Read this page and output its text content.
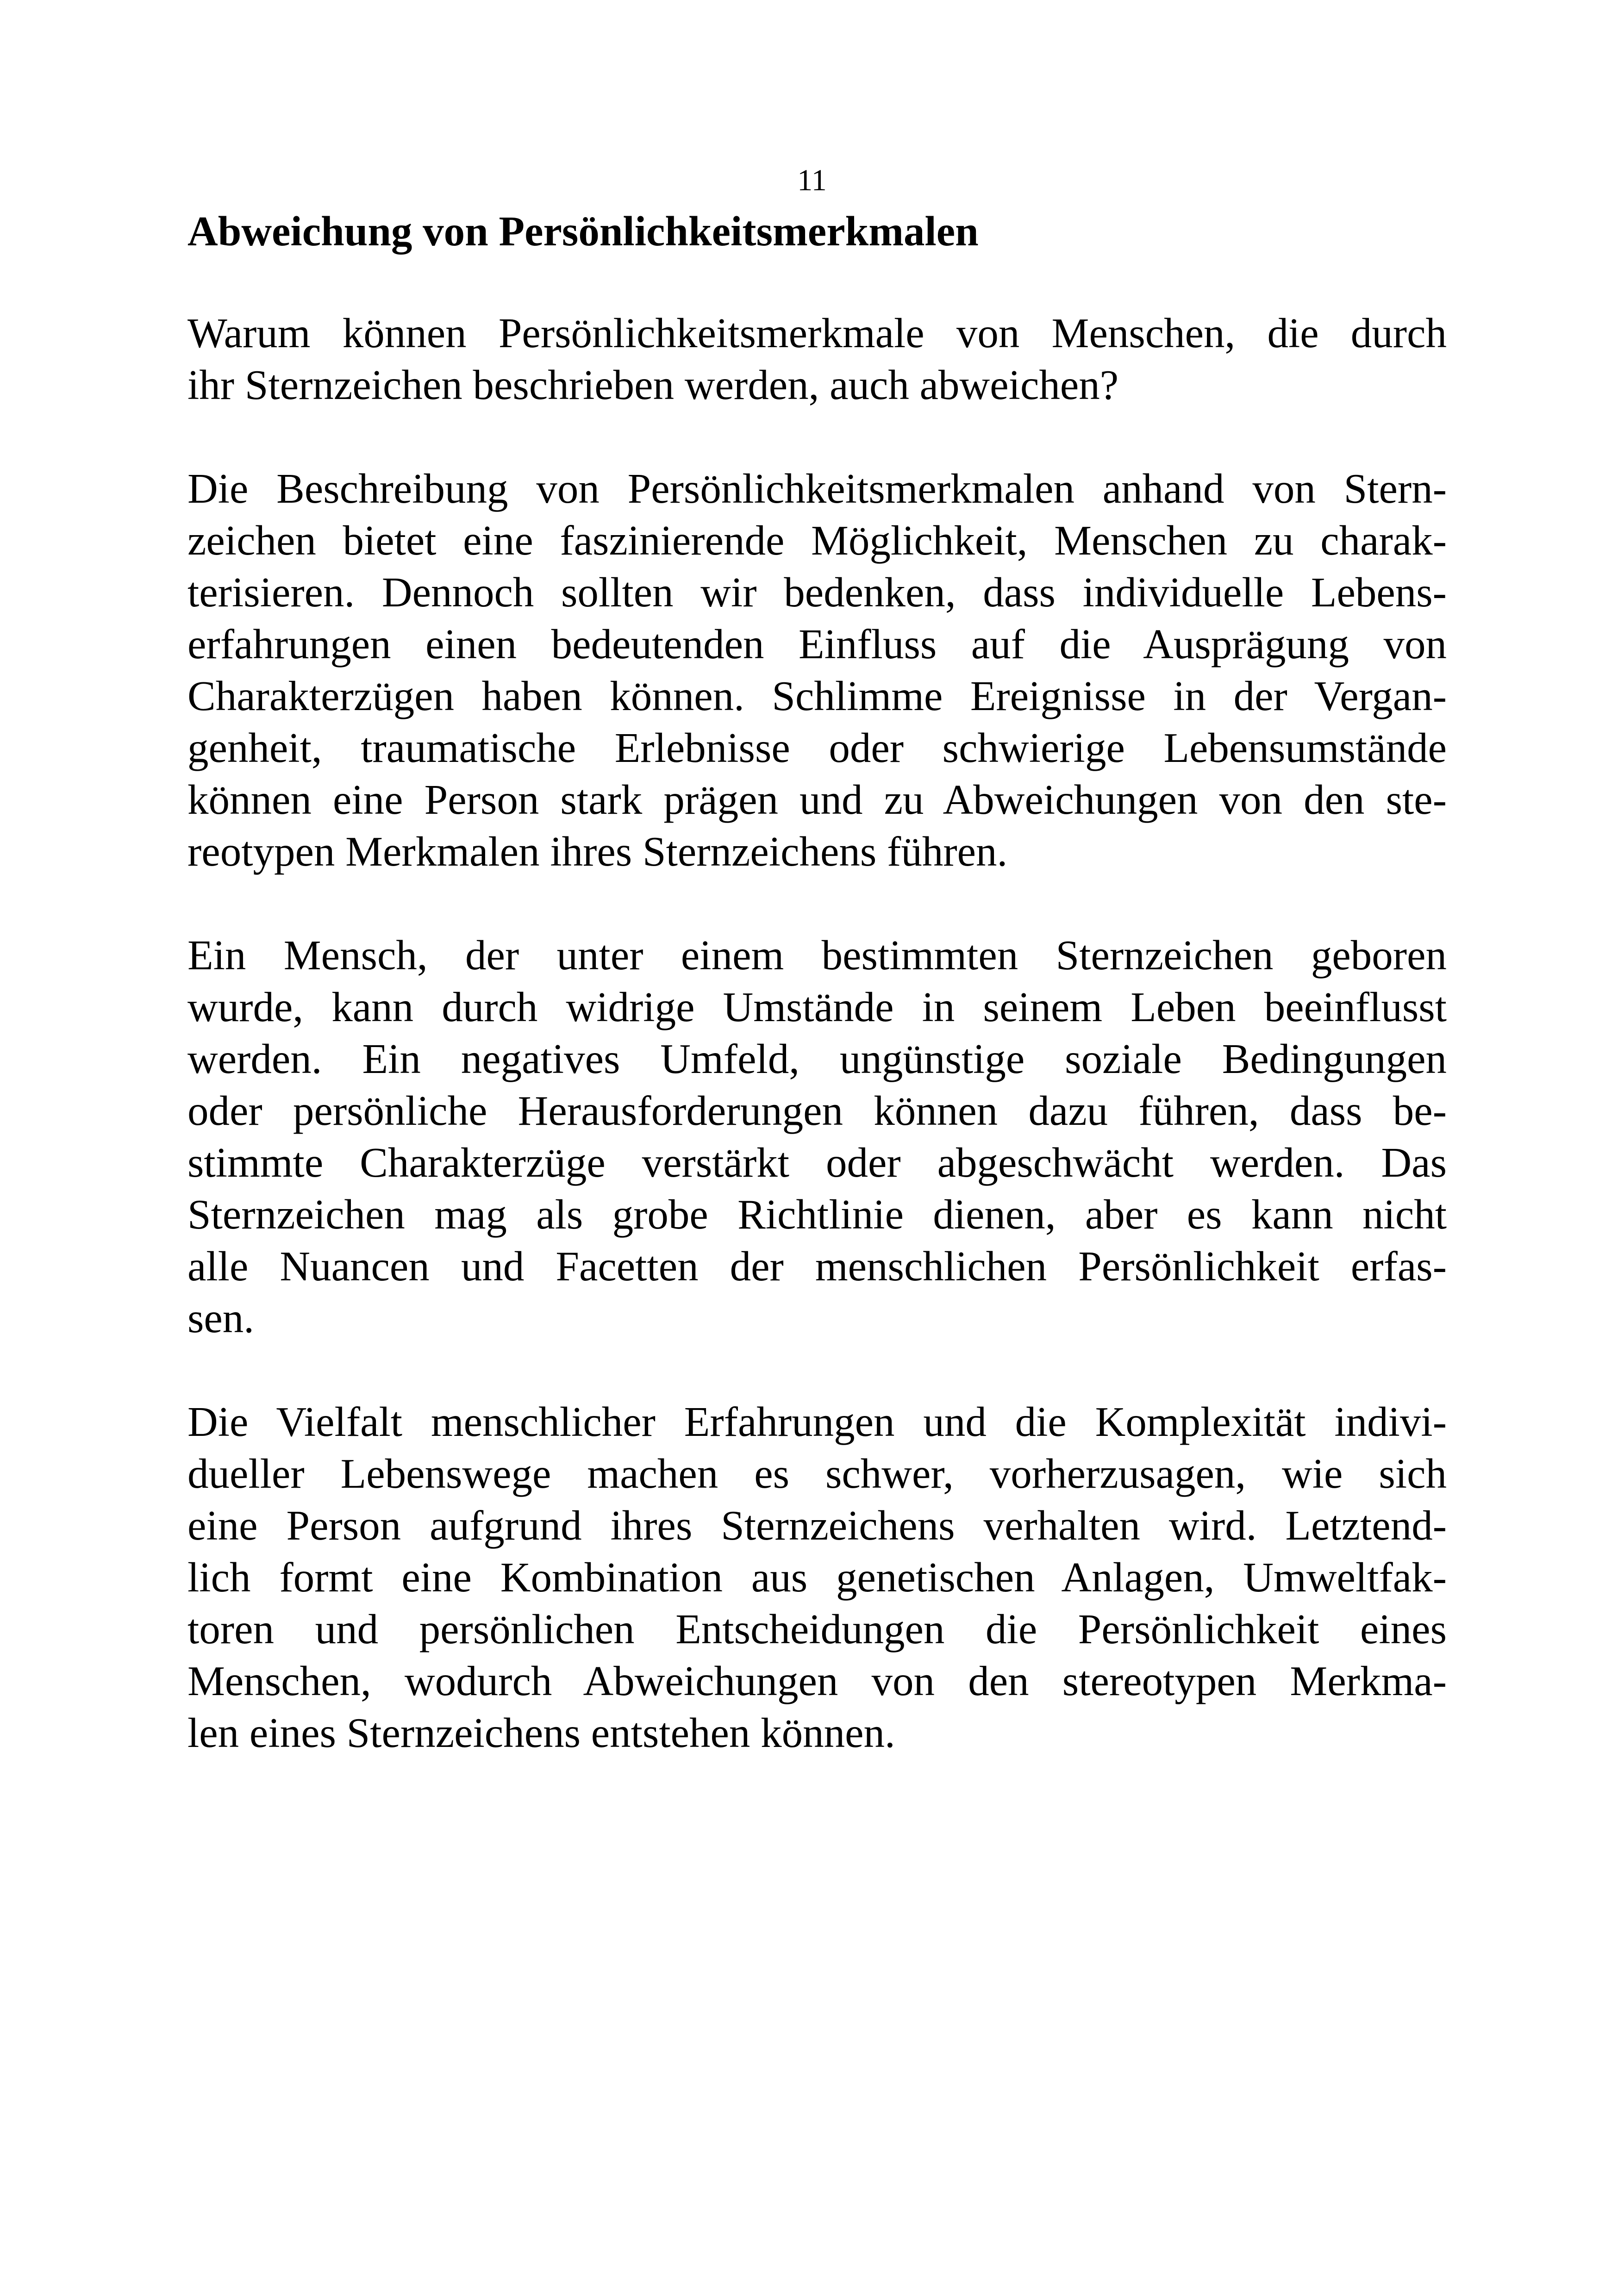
11
Abweichung von Persönlichkeitsmerkmalen

Warum können Persönlichkeitsmerkmale von Menschen, die durch
ihr Sternzeichen beschrieben werden, auch abweichen?

Die Beschreibung von Persönlichkeitsmerkmalen anhand von Stern-
zeichen bietet eine faszinierende Möglichkeit, Menschen zu charak-
terisieren. Dennoch sollten wir bedenken, dass individuelle Lebens-
erfahrungen einen bedeutenden Einfluss auf die Ausprägung von
Charakterzügen haben können. Schlimme Ereignisse in der Vergan-
genheit, traumatische Erlebnisse oder schwierige Lebensumstände
können eine Person stark prägen und zu Abweichungen von den ste-
reotypen Merkmalen ihres Sternzeichens führen.

Ein Mensch, der unter einem bestimmten Sternzeichen geboren
wurde, kann durch widrige Umstände in seinem Leben beeinflusst
werden. Ein negatives Umfeld, ungünstige soziale Bedingungen
oder persönliche Herausforderungen können dazu führen, dass be-
stimmte Charakterzüge verstärkt oder abgeschwächt werden. Das
Sternzeichen mag als grobe Richtlinie dienen, aber es kann nicht
alle Nuancen und Facetten der menschlichen Persönlichkeit erfas-
sen.

Die Vielfalt menschlicher Erfahrungen und die Komplexität indivi-
dueller Lebenswege machen es schwer, vorherzusagen, wie sich
eine Person aufgrund ihres Sternzeichens verhalten wird. Letztend-
lich formt eine Kombination aus genetischen Anlagen, Umweltfak-
toren und persönlichen Entscheidungen die Persönlichkeit eines
Menschen, wodurch Abweichungen von den stereotypen Merkma-
len eines Sternzeichens entstehen können.
